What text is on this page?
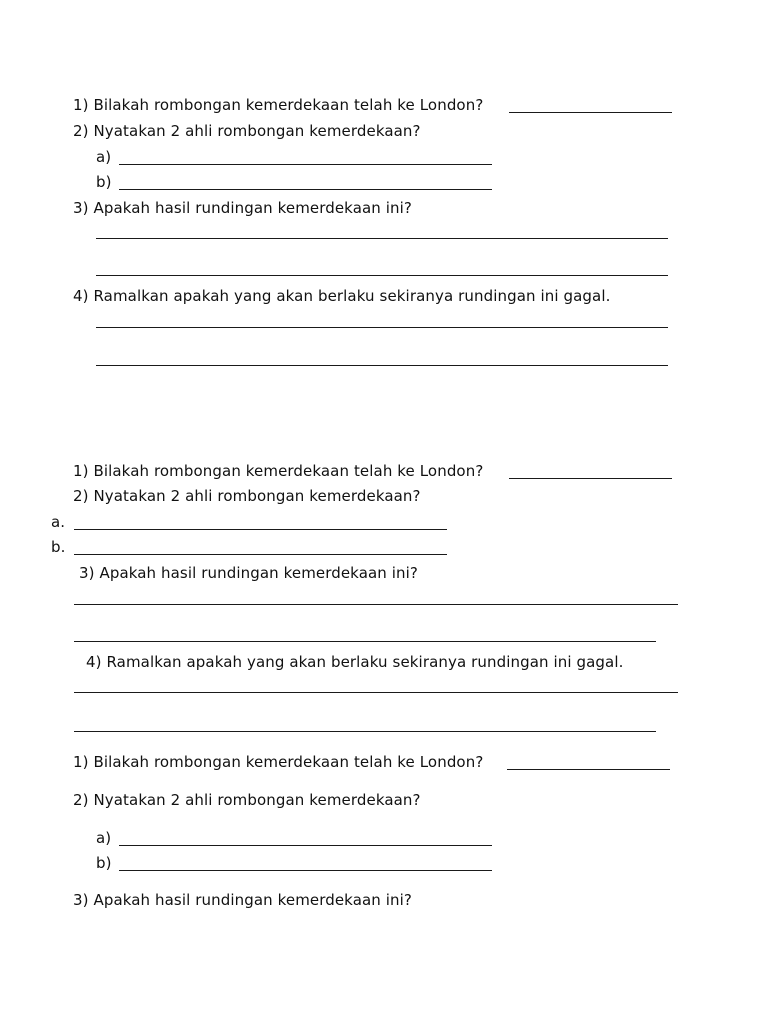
1) Bilakah rombongan kemerdekaan telah ke London?
2) Nyatakan 2 ahli rombongan kemerdekaan?
a)
b)
3) Apakah hasil rundingan kemerdekaan ini?
4) Ramalkan apakah yang akan berlaku sekiranya rundingan ini gagal.
1) Bilakah rombongan kemerdekaan telah ke London?
2) Nyatakan 2 ahli rombongan kemerdekaan?
a.
b.
3) Apakah hasil rundingan kemerdekaan ini?
4) Ramalkan apakah yang akan berlaku sekiranya rundingan ini gagal.
1) Bilakah rombongan kemerdekaan telah ke London?
2) Nyatakan 2 ahli rombongan kemerdekaan?
a)
b)
3) Apakah hasil rundingan kemerdekaan ini?
